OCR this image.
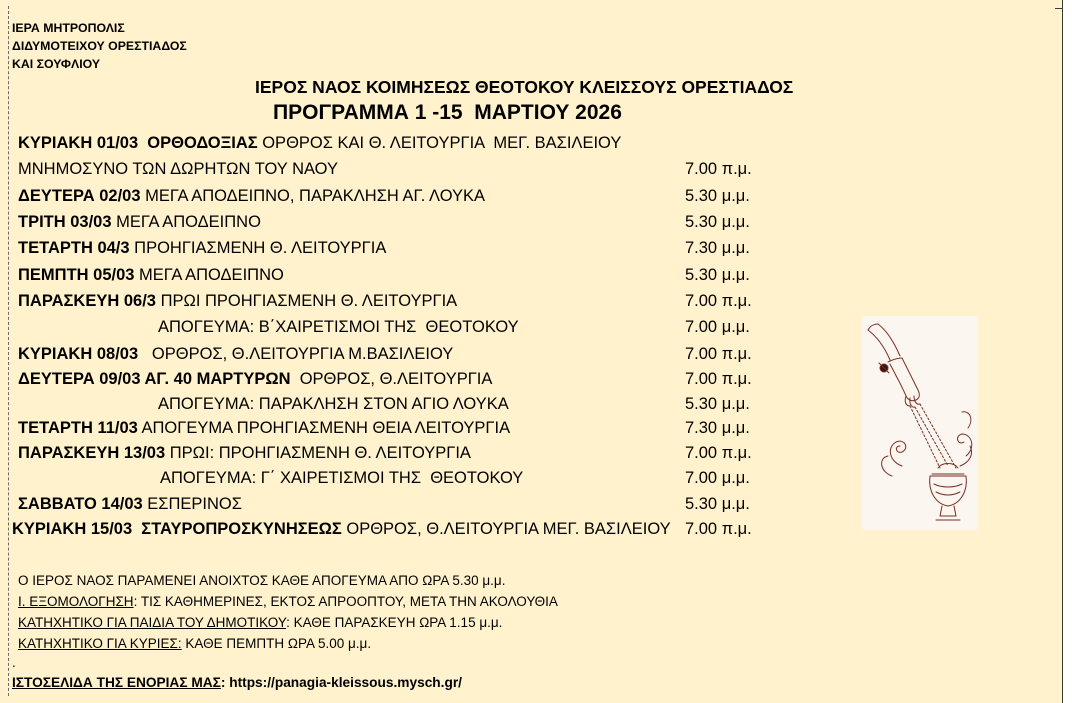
ΙΕΡΑ ΜΗΤΡΟΠΟΛΙΣ
ΔΙΔΥΜΟΤΕΙΧΟΥ ΟΡΕΣΤΙΑΔΟΣ
ΚΑΙ ΣΟΥΦΛΙΟΥ
ΙΕΡΟΣ ΝΑΟΣ ΚΟΙΜΗΣΕΩΣ ΘΕΟΤΟΚΟΥ ΚΛΕΙΣΣΟΥΣ ΟΡΕΣΤΙΑΔΟΣ
ΠΡΟΓΡΑΜΜΑ 1 -15  ΜΑΡΤΙΟΥ 2026
ΚΥΡΙΑΚΗ 01/03  ΟΡΘΟΔΟΞΙΑΣ ΟΡΘΡΟΣ ΚΑΙ Θ. ΛΕΙΤΟΥΡΓΙΑ  ΜΕΓ. ΒΑΣΙΛΕΙΟΥ
ΜΝΗΜΟΣΥΝΟ ΤΩΝ ΔΩΡΗΤΩΝ ΤΟΥ ΝΑΟΥ	7.00 π.μ.
ΔΕΥΤΕΡΑ 02/03 ΜΕΓΑ ΑΠΟΔΕΙΠΝΟ, ΠΑΡΑΚΛΗΣΗ ΑΓ. ΛΟΥΚΑ	5.30 μ.μ.
ΤΡΙΤΗ 03/03 ΜΕΓΑ ΑΠΟΔΕΙΠΝΟ	5.30 μ.μ.
ΤΕΤΑΡΤΗ 04/3 ΠΡΟΗΓΙΑΣΜΕΝΗ Θ. ΛΕΙΤΟΥΡΓΙΑ	7.30 μ.μ.
ΠΕΜΠΤΗ 05/03 ΜΕΓΑ ΑΠΟΔΕΙΠΝΟ	5.30 μ.μ.
ΠΑΡΑΣΚΕΥΗ 06/3 ΠΡΩΙ ΠΡΟΗΓΙΑΣΜΕΝΗ Θ. ΛΕΙΤΟΥΡΓΙΑ	7.00 π.μ.
ΑΠΟΓΕΥΜΑ: Β΄ΧΑΙΡΕΤΙΣΜΟΙ ΤΗΣ  ΘΕΟΤΟΚΟΥ	7.00 μ.μ.
ΚΥΡΙΑΚΗ 08/03   ΟΡΘΡΟΣ, Θ.ΛΕΙΤΟΥΡΓΙΑ Μ.ΒΑΣΙΛΕΙΟΥ	7.00 π.μ.
ΔΕΥΤΕΡΑ 09/03 ΑΓ. 40 ΜΑΡΤΥΡΩΝ  ΟΡΘΡΟΣ, Θ.ΛΕΙΤΟΥΡΓΙΑ	7.00 π.μ.
ΑΠΟΓΕΥΜΑ: ΠΑΡΑΚΛΗΣΗ ΣΤΟΝ ΑΓΙΟ ΛΟΥΚΑ	5.30 μ.μ.
ΤΕΤΑΡΤΗ 11/03 ΑΠΟΓΕΥΜΑ ΠΡΟΗΓΙΑΣΜΕΝΗ ΘΕΙΑ ΛΕΙΤΟΥΡΓΙΑ	7.30 μ.μ.
ΠΑΡΑΣΚΕΥΗ 13/03 ΠΡΩΙ: ΠΡΟΗΓΙΑΣΜΕΝΗ Θ. ΛΕΙΤΟΥΡΓΙΑ	7.00 π.μ.
ΑΠΟΓΕΥΜΑ: Γ΄ ΧΑΙΡΕΤΙΣΜΟΙ ΤΗΣ  ΘΕΟΤΟΚΟΥ	7.00 μ.μ.
ΣΑΒΒΑΤΟ 14/03 ΕΣΠΕΡΙΝΟΣ	5.30 μ.μ.
ΚΥΡΙΑΚΗ 15/03  ΣΤΑΥΡΟΠΡΟΣΚΥΝΗΣΕΩΣ ΟΡΘΡΟΣ, Θ.ΛΕΙΤΟΥΡΓΙΑ ΜΕΓ. ΒΑΣΙΛΕΙΟΥ 7.00 π.μ.
Ο ΙΕΡΟΣ ΝΑΟΣ ΠΑΡΑΜΕΝΕΙ ΑΝΟΙΧΤΟΣ ΚΑΘΕ ΑΠΟΓΕΥΜΑ ΑΠΟ ΩΡΑ 5.30 μ.μ.
Ι. ΕΞΟΜΟΛΟΓΗΣΗ: ΤΙΣ ΚΑΘΗΜΕΡΙΝΕΣ, ΕΚΤΟΣ ΑΠΡΟΟΠΤΟΥ, ΜΕΤΑ ΤΗΝ ΑΚΟΛΟΥΘΙΑ
ΚΑΤΗΧΗΤΙΚΟ ΓΙΑ ΠΑΙΔΙΑ ΤΟΥ ΔΗΜΟΤΙΚΟΥ: ΚΑΘΕ ΠΑΡΑΣΚΕΥΗ ΩΡΑ 1.15 μ.μ.
ΚΑΤΗΧΗΤΙΚΟ ΓΙΑ ΚΥΡΙΕΣ: ΚΑΘΕ ΠΕΜΠΤΗ ΩΡΑ 5.00 μ.μ.
.
ΙΣΤΟΣΕΛΙΔΑ ΤΗΣ ΕΝΟΡΙΑΣ ΜΑΣ: https://panagia-kleissous.mysch.gr/
